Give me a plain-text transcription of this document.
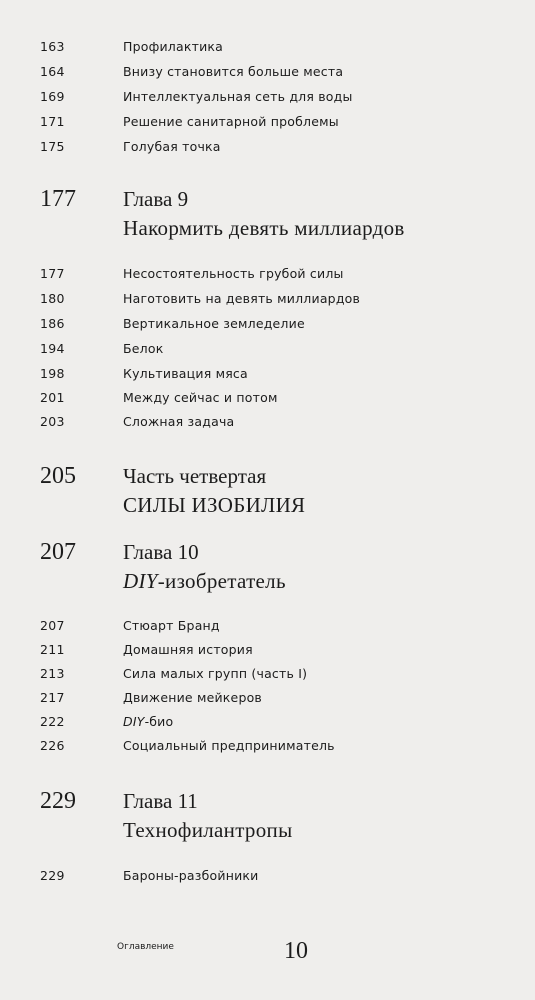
163	Профилактика
164	Внизу становится больше места
169	Интеллектуальная сеть для воды
171	Решение санитарной проблемы
175	Голубая точка
177 Глава 9
Накормить девять миллиардов
177	Несостоятельность грубой силы
180	Наготовить на девять миллиардов
186	Вертикальное земледелие
194	Белок
198	Культивация мяса
201	Между сейчас и потом
203	Сложная задача
205 Часть четвертая
СИЛЫ ИЗОБИЛИЯ
207 Глава 10
DIY-изобретатель
207	Стюарт Бранд
211	Домашняя история
213	Сила малых групп (часть I)
217	Движение мейкеров
222	DIY-био
226	Социальный предприниматель
229 Глава 11
Технофилантропы
229	Бароны-разбойники
Оглавление	10
